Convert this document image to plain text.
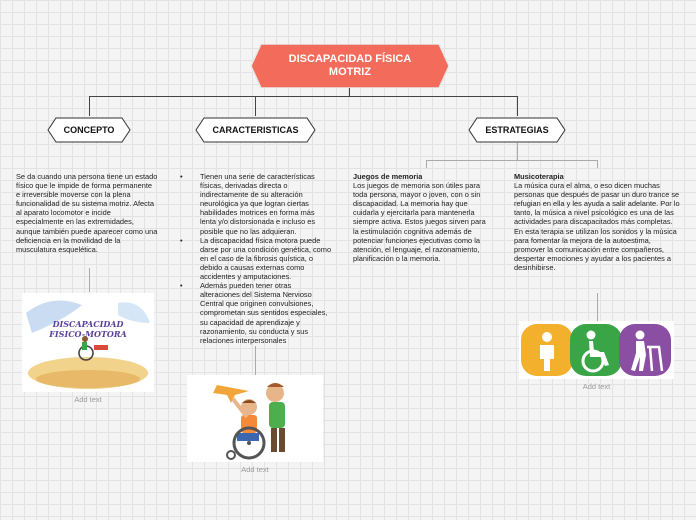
DISCAPACIDAD FÍSICA MOTRIZ
CONCEPTO	CARACTERISTICAS	ESTRATEGIAS
Se da cuando una persona tiene un estado físico que le impide de forma permanente e irreversible moverse con la plena funcionalidad de su sistema motriz. Afecta al aparato locomotor e incide especialmente en las extremidades, aunque también puede aparecer como una deficiencia en la movilidad de la musculatura esquelética.
•	Tienen una serie de características físicas, derivadas directa o indirectamente de su alteración neurológica ya que logran ciertas habilidades motrices en forma más lenta y/o distorsionada e incluso es posible que no las adquieran.
•	La discapacidad física motora puede darse por una condición genética, como en el caso de la fibrosis quística, o debido a causas externas como accidentes y amputaciones.
•	Además pueden tener otras alteraciones del Sistema Nervioso Central que originen convulsiones, comprometan sus sentidos especiales, su capacidad de aprendizaje y razonamiento, su conducta y sus relaciones interpersonales

Juegos de memoria

Los juegos de memoria son útiles para toda persona, mayor o joven, con o sin discapacidad. La memoria hay que cuidarla y ejercitarla para mantenerla siempre activa. Estos juegos sirven para la estimulación cognitiva además de potenciar funciones ejecutivas como la atención, el lenguaje, el razonamiento, planificación o la memoria.

Musicoterapia

La música cura el alma, o eso dicen muchas personas que después de pasar un duro trance se refugian en ella y les ayuda a salir adelante. Por lo tanto, la música a nivel psicológico es una de las actividades para discapacitados más completas.

En esta terapia se utilizan los sonidos y la música para fomentar la mejora de la autoestima, promover la comunicación entre compañeros, despertar emociones y ayudar a los pacientes a desinhibirse.

DISCAPACIDAD FISICO-MOTORA
Add text
Add text
Add text
